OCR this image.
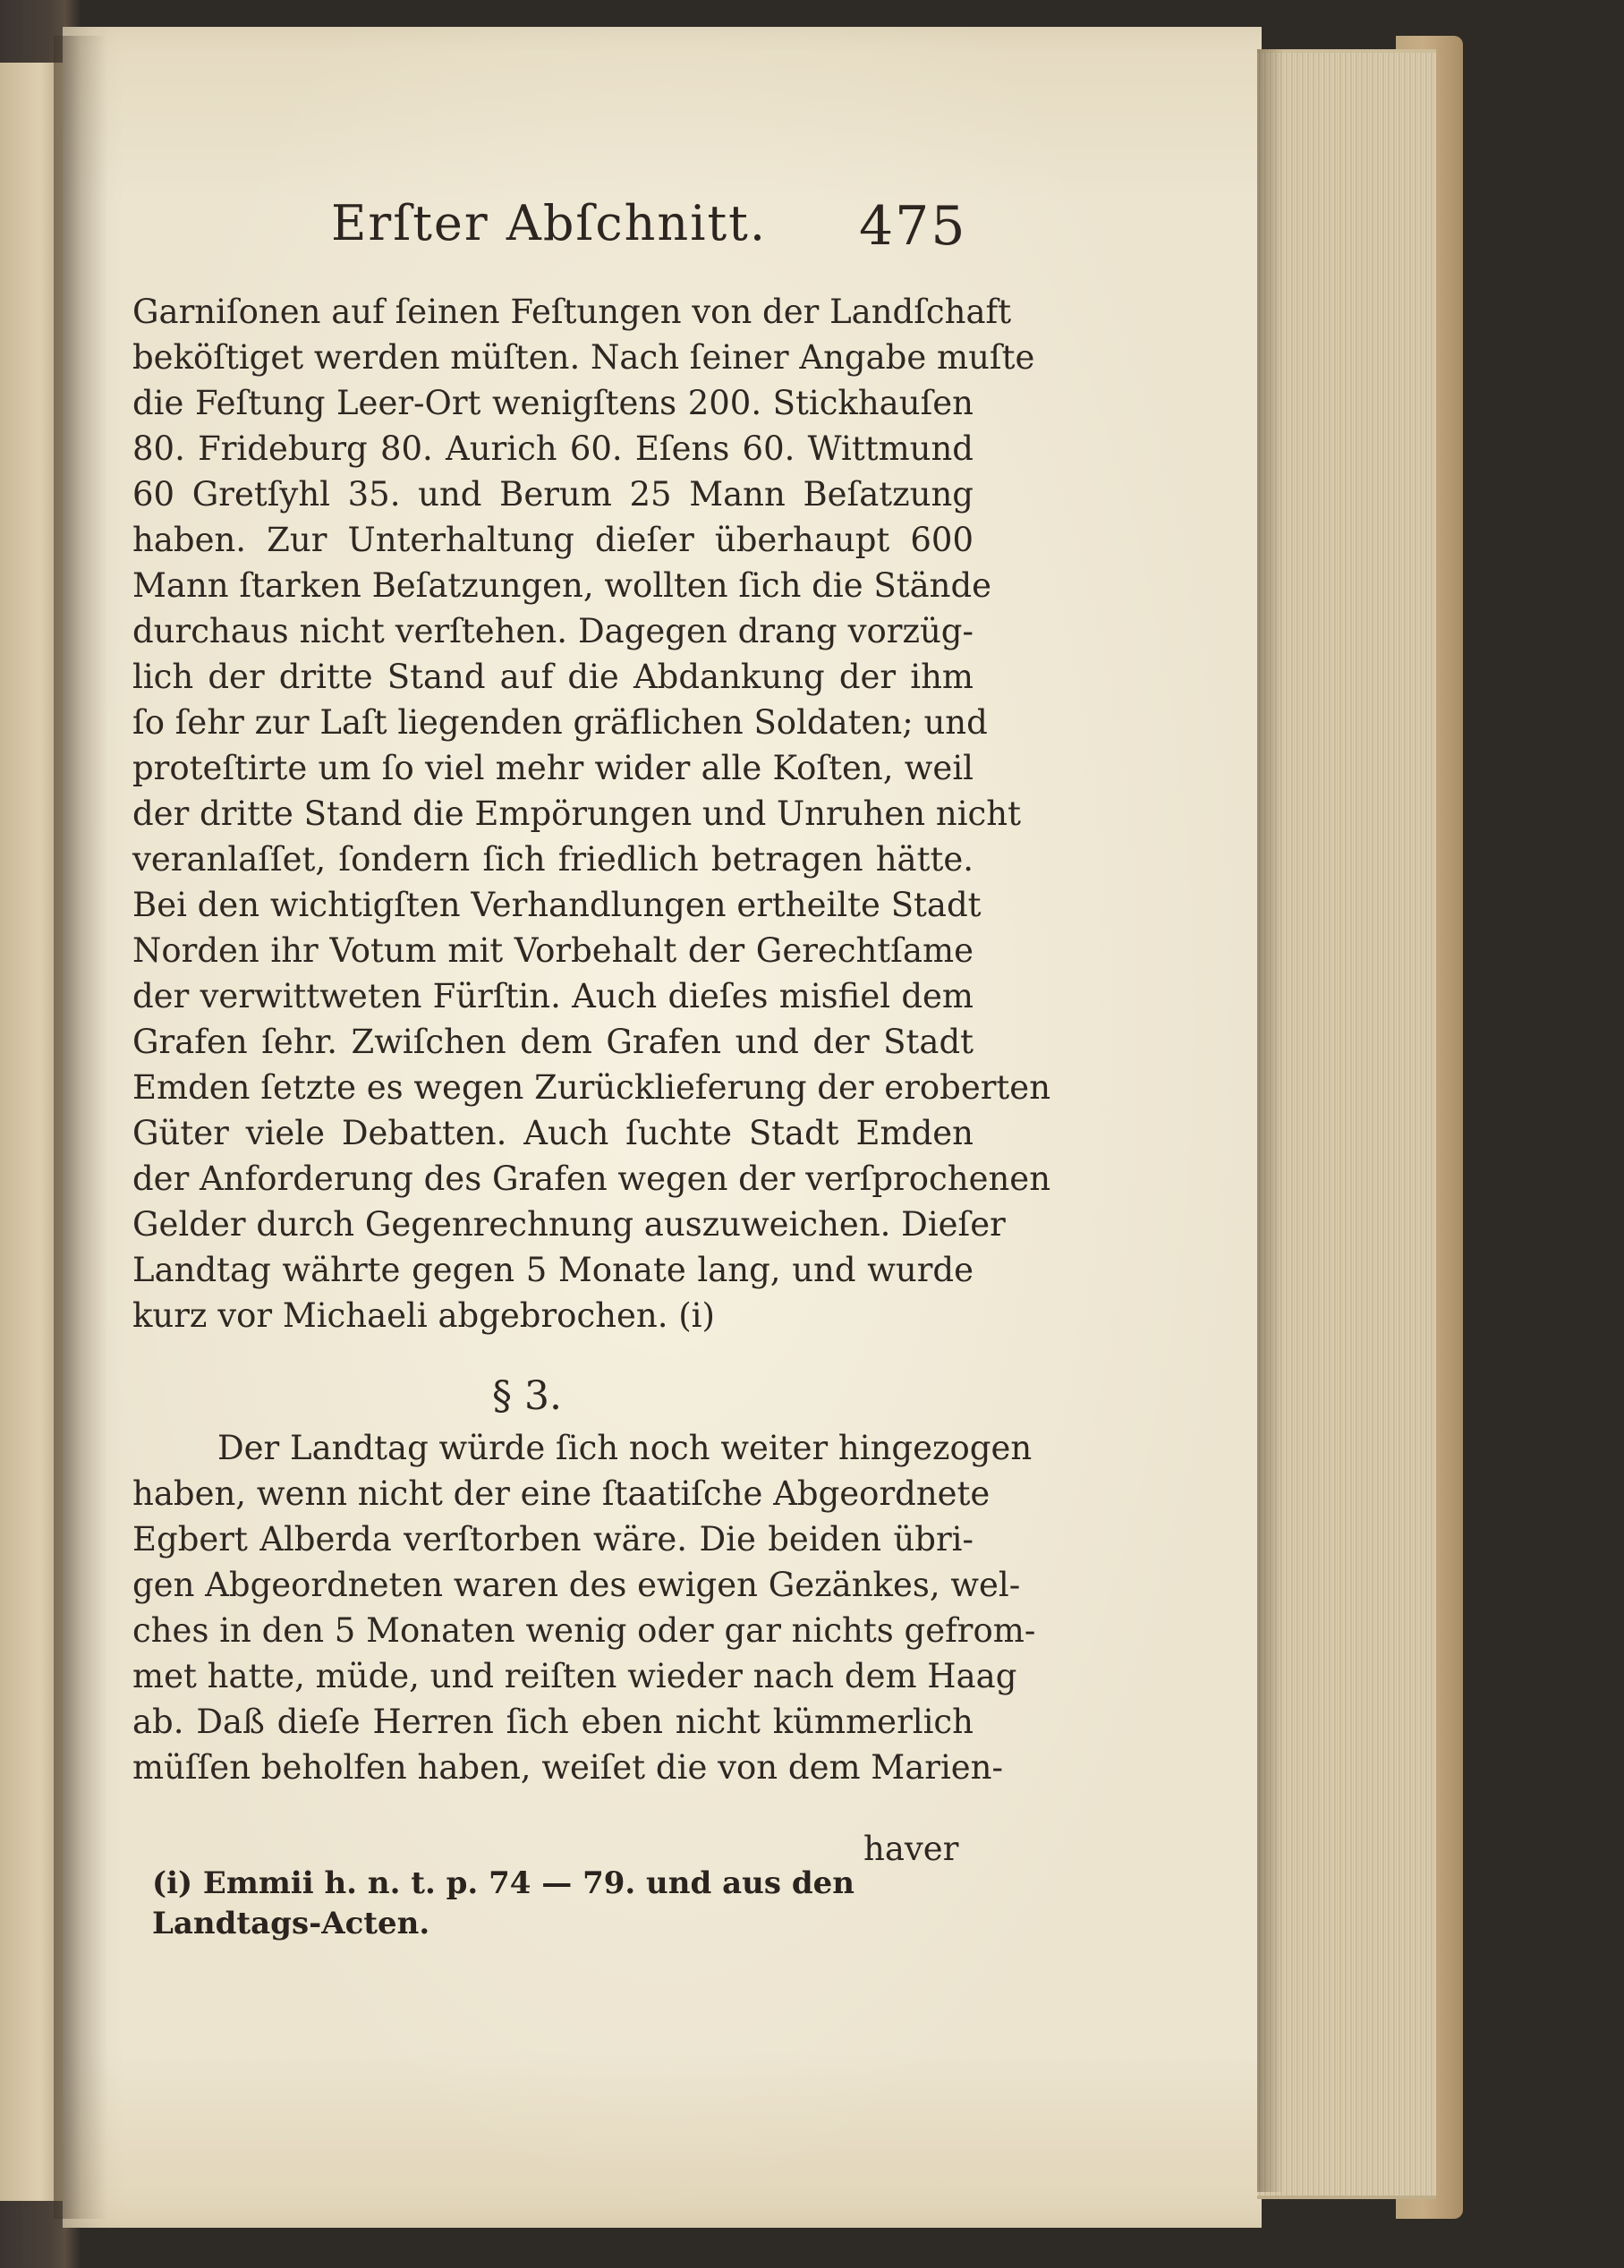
Erſter Abſchnitt.	475
Garniſonen auf ſeinen Feſtungen von der Landſchaft
beköſtiget werden müſten. Nach ſeiner Angabe muſte
die Feſtung Leer-Ort wenigſtens 200. Stickhauſen
80. Frideburg 80. Aurich 60. Eſens 60. Wittmund
60 Gretſyhl 35. und Berum 25 Mann Beſatzung
haben. Zur Unterhaltung dieſer überhaupt 600
Mann ſtarken Beſatzungen, wollten ſich die Stände
durchaus nicht verſtehen. Dagegen drang vorzüg-
lich der dritte Stand auf die Abdankung der ihm
ſo ſehr zur Laſt liegenden gräflichen Soldaten; und
proteſtirte um ſo viel mehr wider alle Koſten, weil
der dritte Stand die Empörungen und Unruhen nicht
veranlaſſet, ſondern ſich friedlich betragen hätte.
Bei den wichtigſten Verhandlungen ertheilte Stadt
Norden ihr Votum mit Vorbehalt der Gerechtſame
der verwittweten Fürſtin. Auch dieſes misfiel dem
Grafen ſehr. Zwiſchen dem Grafen und der Stadt
Emden ſetzte es wegen Zurücklieferung der eroberten
Güter viele Debatten. Auch ſuchte Stadt Emden
der Anforderung des Grafen wegen der verſprochenen
Gelder durch Gegenrechnung auszuweichen. Dieſer
Landtag währte gegen 5 Monate lang, und wurde
kurz vor Michaeli abgebrochen. (i)
§ 3.
Der Landtag würde ſich noch weiter hingezogen
haben, wenn nicht der eine ſtaatiſche Abgeordnete
Egbert Alberda verſtorben wäre. Die beiden übri-
gen Abgeordneten waren des ewigen Gezänkes, wel-
ches in den 5 Monaten wenig oder gar nichts gefrom-
met hatte, müde, und reiſten wieder nach dem Haag
ab. Daß dieſe Herren ſich eben nicht kümmerlich
müſſen beholfen haben, weiſet die von dem Marien-
haver
(i) Emmii h. n. t. p. 74 — 79. und aus den
Landtags-Acten.
